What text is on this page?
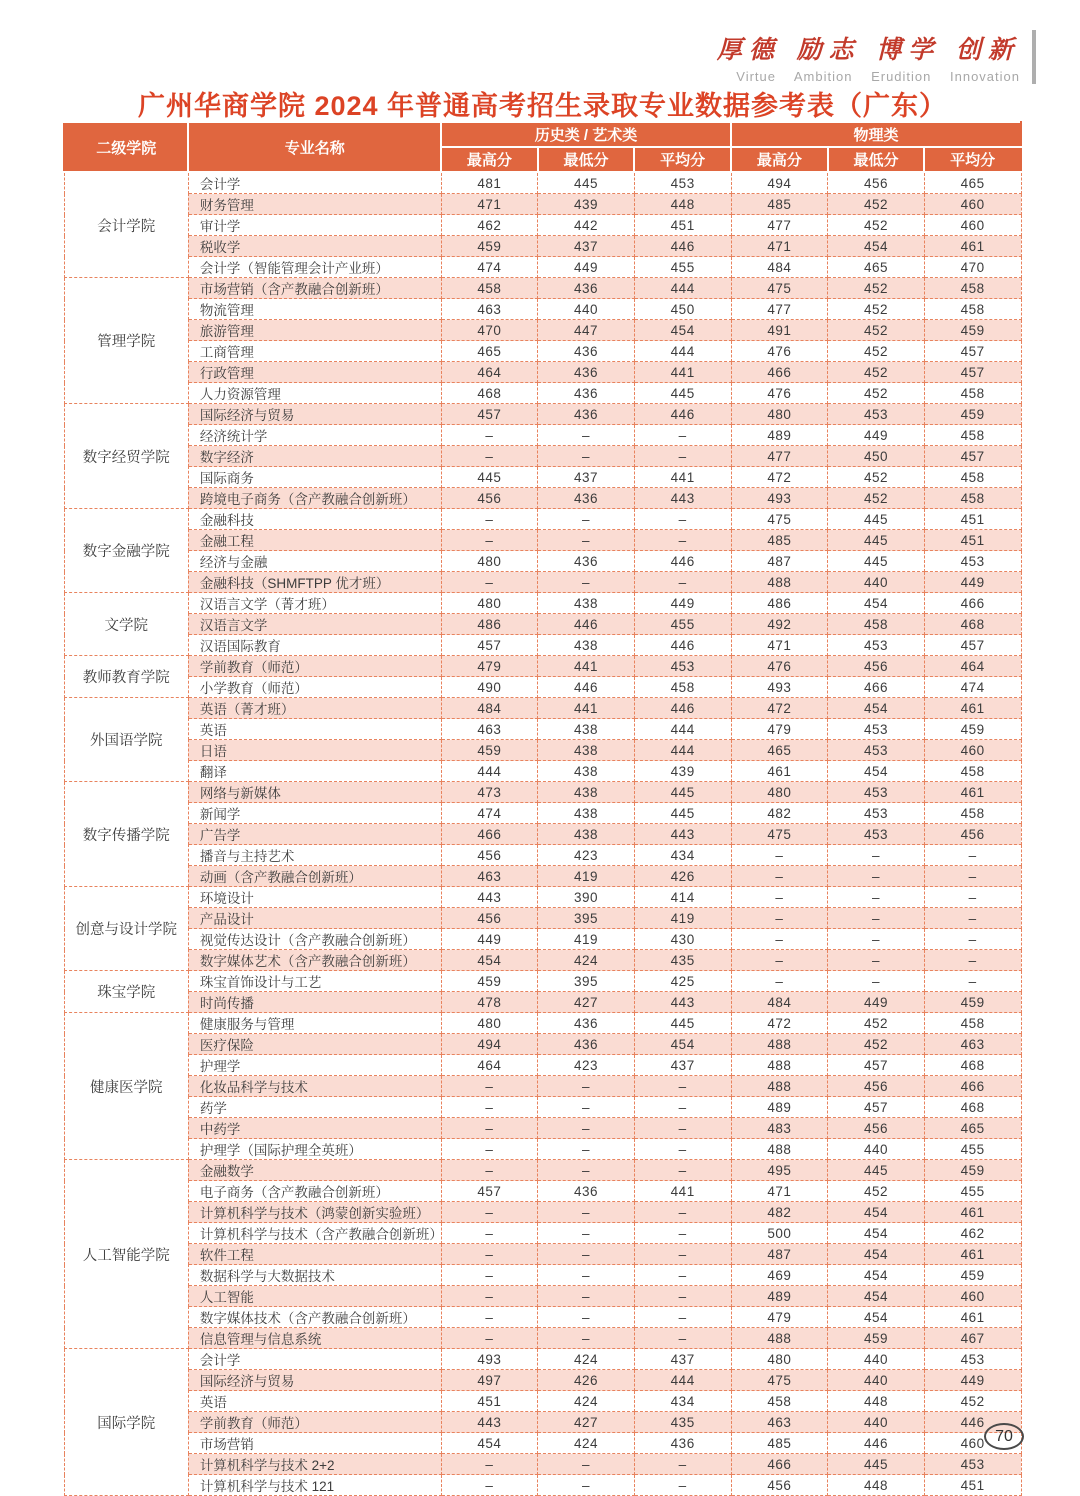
厚德 励志 博学 创新
Virtue Ambition Erudition Innovation
广州华商学院 2024 年普通高考招生录取专业数据参考表（广东）
二级学院	专业名称	历史类 / 艺术类			物理类		
		最高分	最低分	平均分	最高分	最低分	平均分
会计学院	会计学	481	445	453	494	456	465
	财务管理	471	439	448	485	452	460
	审计学	462	442	451	477	452	460
	税收学	459	437	446	471	454	461
	会计学（智能管理会计产业班）	474	449	455	484	465	470
管理学院	市场营销（含产教融合创新班）	458	436	444	475	452	458
	物流管理	463	440	450	477	452	458
	旅游管理	470	447	454	491	452	459
	工商管理	465	436	444	476	452	457
	行政管理	464	436	441	466	452	457
	人力资源管理	468	436	445	476	452	458
数字经贸学院	国际经济与贸易	457	436	446	480	453	459
	经济统计学	–	–	–	489	449	458
	数字经济	–	–	–	477	450	457
	国际商务	445	437	441	472	452	458
	跨境电子商务（含产教融合创新班）	456	436	443	493	452	458
数字金融学院	金融科技	–	–	–	475	445	451
	金融工程	–	–	–	485	445	451
	经济与金融	480	436	446	487	445	453
	金融科技（SHMFTPP 优才班）	–	–	–	488	440	449
文学院	汉语言文学（菁才班）	480	438	449	486	454	466
	汉语言文学	486	446	455	492	458	468
	汉语国际教育	457	438	446	471	453	457
教师教育学院	学前教育（师范）	479	441	453	476	456	464
	小学教育（师范）	490	446	458	493	466	474
外国语学院	英语（菁才班）	484	441	446	472	454	461
	英语	463	438	444	479	453	459
	日语	459	438	444	465	453	460
	翻译	444	438	439	461	454	458
数字传播学院	网络与新媒体	473	438	445	480	453	461
	新闻学	474	438	445	482	453	458
	广告学	466	438	443	475	453	456
	播音与主持艺术	456	423	434	–	–	–
	动画（含产教融合创新班）	463	419	426	–	–	–
创意与设计学院	环境设计	443	390	414	–	–	–
	产品设计	456	395	419	–	–	–
	视觉传达设计（含产教融合创新班）	449	419	430	–	–	–
	数字媒体艺术（含产教融合创新班）	454	424	435	–	–	–
珠宝学院	珠宝首饰设计与工艺	459	395	425	–	–	–
	时尚传播	478	427	443	484	449	459
健康医学院	健康服务与管理	480	436	445	472	452	458
	医疗保险	494	436	454	488	452	463
	护理学	464	423	437	488	457	468
	化妆品科学与技术	–	–	–	488	456	466
	药学	–	–	–	489	457	468
	中药学	–	–	–	483	456	465
	护理学（国际护理全英班）	–	–	–	488	440	455
人工智能学院	金融数学	–	–	–	495	445	459
	电子商务（含产教融合创新班）	457	436	441	471	452	455
	计算机科学与技术（鸿蒙创新实验班）	–	–	–	482	454	461
	计算机科学与技术（含产教融合创新班）	–	–	–	500	454	462
	软件工程	–	–	–	487	454	461
	数据科学与大数据技术	–	–	–	469	454	459
	人工智能	–	–	–	489	454	460
	数字媒体技术（含产教融合创新班）	–	–	–	479	454	461
	信息管理与信息系统	–	–	–	488	459	467
国际学院	会计学	493	424	437	480	440	453
	国际经济与贸易	497	426	444	475	440	449
	英语	451	424	434	458	448	452
	学前教育（师范）	443	427	435	463	440	446
	市场营销	454	424	436	485	446	460
	计算机科学与技术 2+2	–	–	–	466	445	453
	计算机科学与技术 121	–	–	–	456	448	451
70
